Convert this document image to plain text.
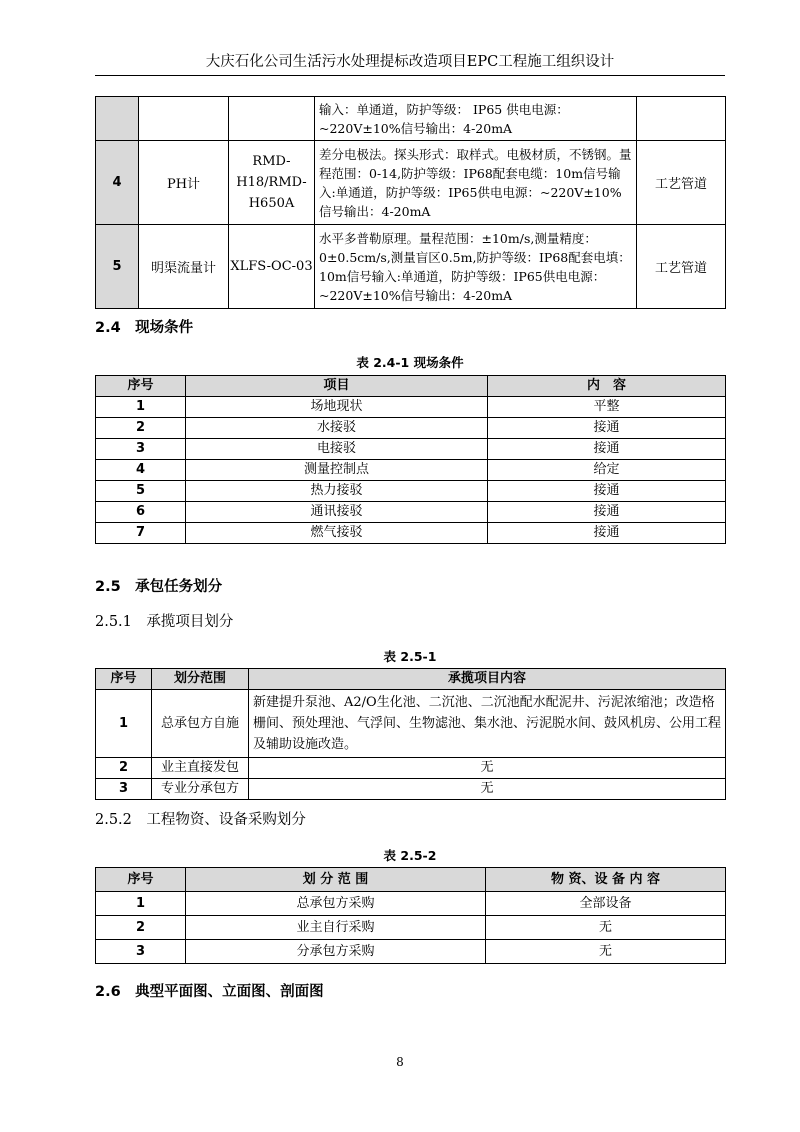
大庆石化公司生活污水处理提标改造项目EPC工程施工组织设计
			输入：单通道，防护等级： IP65 供电电源：~220V±10%信号输出：4-20mA	
4	PH计	RMD-H18/RMD-H650A	差分电极法。探头形式：取样式。电极材质，不锈钢。量程范围：0-14,防护等级：IP68配套电缆：10m信号输入:单通道，防护等级：IP65供电电源：~220V±10%信号输出：4-20mA	工艺管道
5	明渠流量计	XLFS-OC-03	水平多普勒原理。量程范围：±10m/s,测量精度：0±0.5cm/s,测量盲区0.5m,防护等级：IP68配套电填：10m信号输入:单通道，防护等级：IP65供电电源：~220V±10%信号输出：4-20mA	工艺管道
2.4　现场条件
表 2.4-1 现场条件
序号	项目	内　容
1	场地现状	平整
2	水接驳	接通
3	电接驳	接通
4	测量控制点	给定
5	热力接驳	接通
6	通讯接驳	接通
7	燃气接驳	接通
2.5　承包任务划分
2.5.1　承揽项目划分
表 2.5-1
序号	划分范围	承揽项目内容
1	总承包方自施	新建提升泵池、A2/O生化池、二沉池、二沉池配水配泥井、污泥浓缩池；改造格栅间、预处理池、气浮间、生物滤池、集水池、污泥脱水间、鼓风机房、公用工程及辅助设施改造。
2	业主直接发包	无
3	专业分承包方	无
2.5.2　工程物资、设备采购划分
表 2.5-2
序号	划 分 范 围	物 资、设 备 内 容
1	总承包方采购	全部设备
2	业主自行采购	无
3	分承包方采购	无
2.6　典型平面图、立面图、剖面图
8
